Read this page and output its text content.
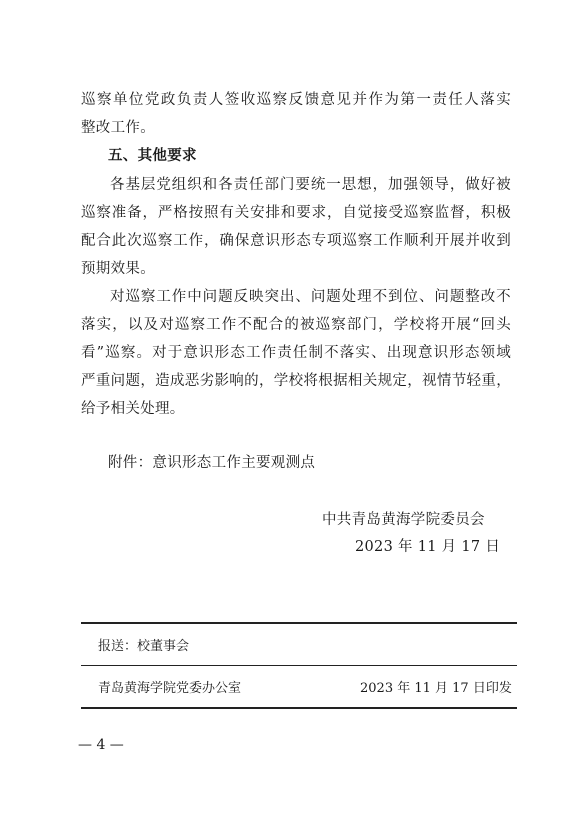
巡察单位党政负责人签收巡察反馈意见并作为第一责任人落实
整改工作。
五、其他要求
各基层党组织和各责任部门要统一思想，加强领导，做好被
巡察准备，严格按照有关安排和要求，自觉接受巡察监督，积极
配合此次巡察工作，确保意识形态专项巡察工作顺利开展并收到
预期效果。
对巡察工作中问题反映突出、问题处理不到位、问题整改不
落实，以及对巡察工作不配合的被巡察部门，学校将开展“回头
看”巡察。对于意识形态工作责任制不落实、出现意识形态领域
严重问题，造成恶劣影响的，学校将根据相关规定，视情节轻重，
给予相关处理。
附件：意识形态工作主要观测点
中共青岛黄海学院委员会
2023 年 11 月 17 日
报送：校董事会
青岛黄海学院党委办公室	2023 年 11 月 17 日印发
— 4 —
